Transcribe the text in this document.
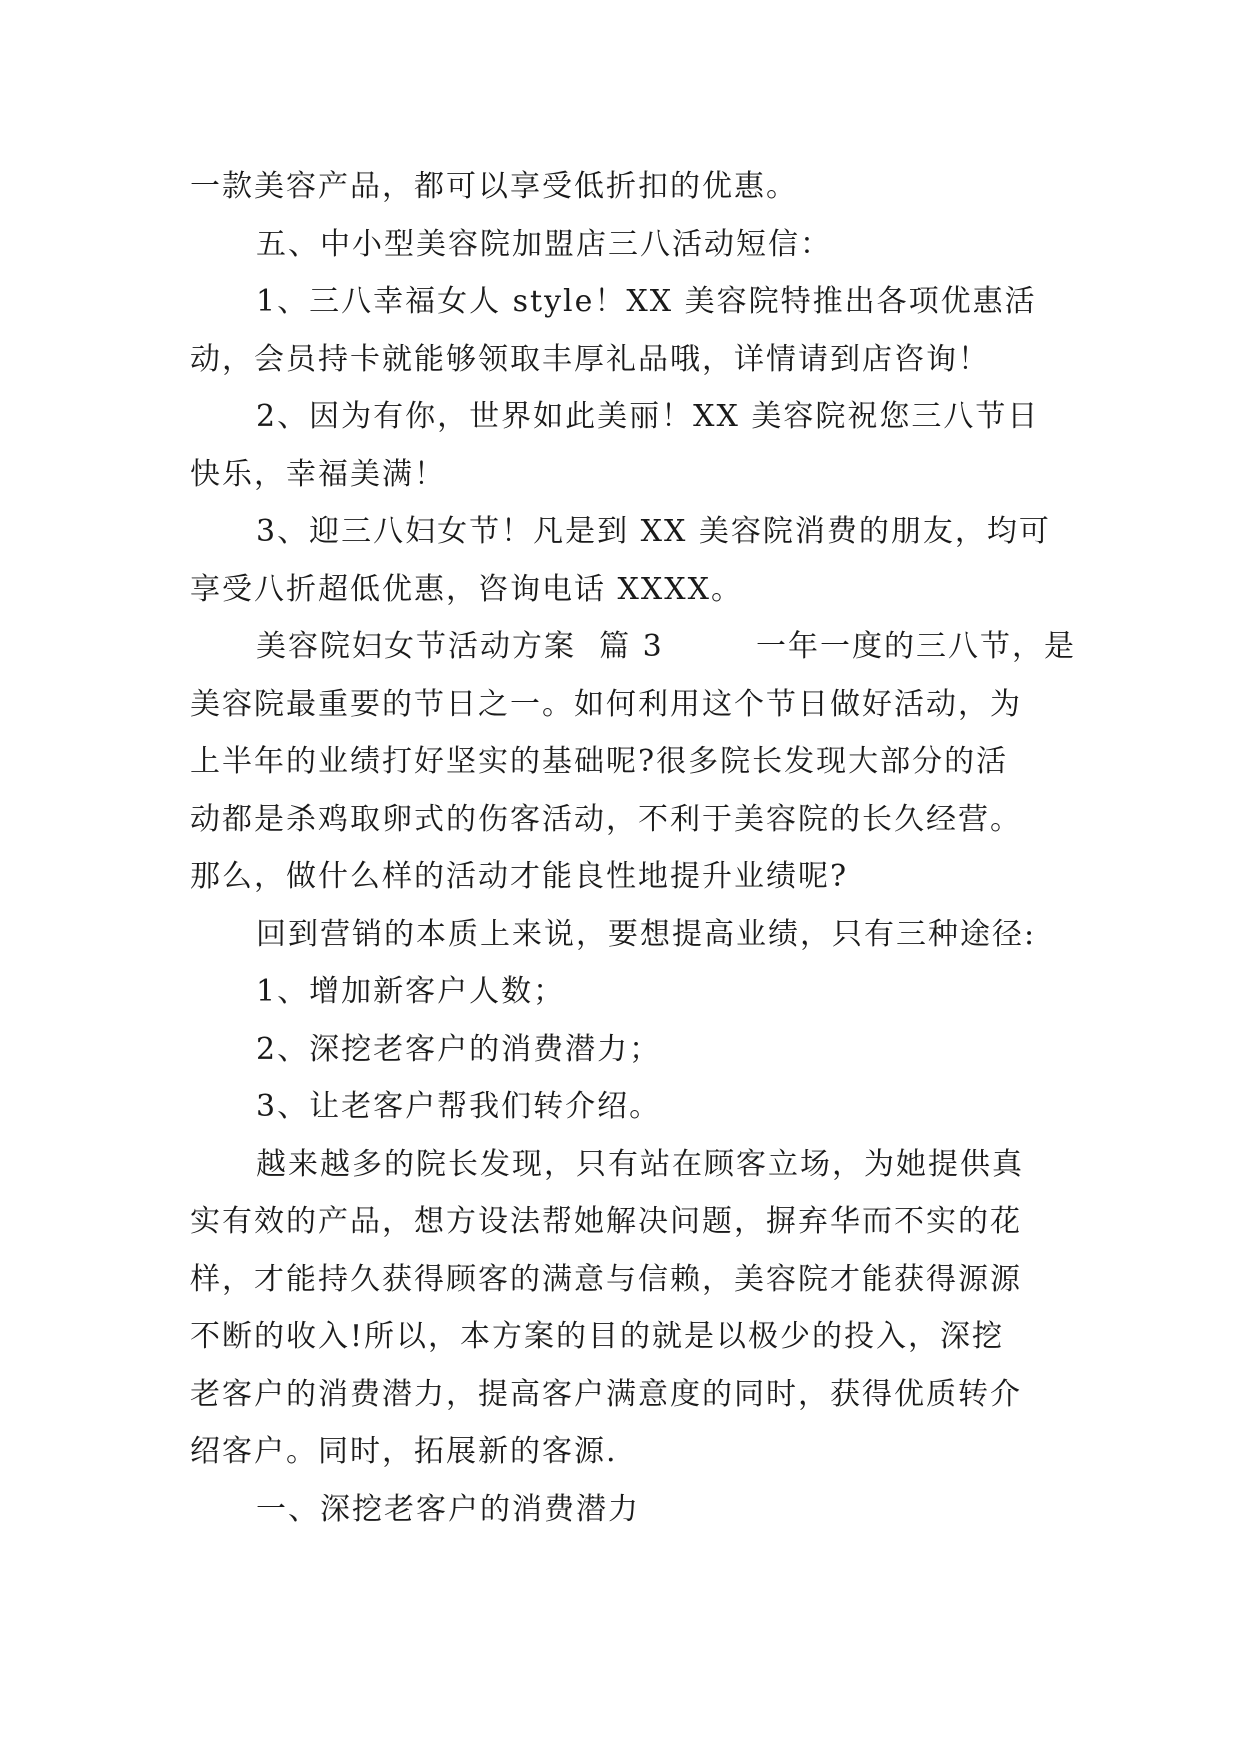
一款美容产品，都可以享受低折扣的优惠。
五、中小型美容院加盟店三八活动短信：
1、三八幸福女人 style！XX 美容院特推出各项优惠活
动，会员持卡就能够领取丰厚礼品哦，详情请到店咨询！
2、因为有你，世界如此美丽！XX 美容院祝您三八节日
快乐，幸福美满！
3、迎三八妇女节！凡是到 XX 美容院消费的朋友，均可
享受八折超低优惠，咨询电话 XXXX。
美容院妇女节活动方案  篇 3        一年一度的三八节，是
美容院最重要的节日之一。如何利用这个节日做好活动，为
上半年的业绩打好坚实的基础呢?很多院长发现大部分的活
动都是杀鸡取卵式的伤客活动，不利于美容院的长久经营。
那么，做什么样的活动才能良性地提升业绩呢?
回到营销的本质上来说，要想提高业绩，只有三种途径:
1、增加新客户人数；
2、深挖老客户的消费潜力；
3、让老客户帮我们转介绍。
越来越多的院长发现，只有站在顾客立场，为她提供真
实有效的产品，想方设法帮她解决问题，摒弃华而不实的花
样，才能持久获得顾客的满意与信赖，美容院才能获得源源
不断的收入!所以，本方案的目的就是以极少的投入，深挖
老客户的消费潜力，提高客户满意度的同时，获得优质转介
绍客户。同时，拓展新的客源.
一、深挖老客户的消费潜力
